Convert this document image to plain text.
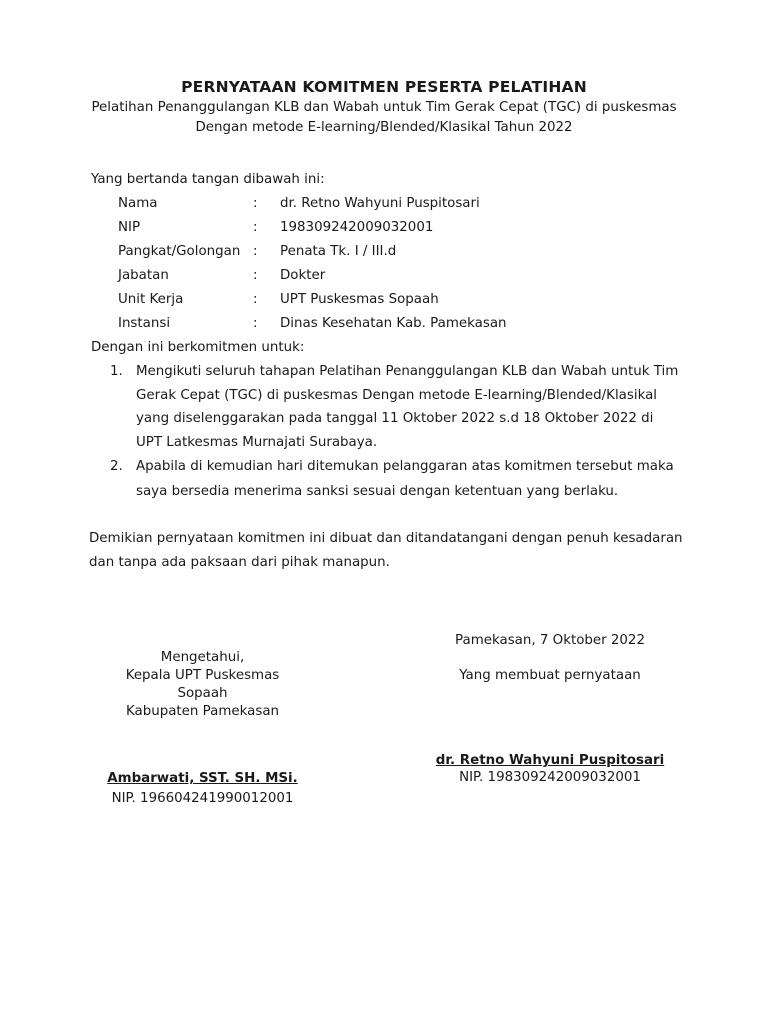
PERNYATAAN KOMITMEN PESERTA PELATIHAN
Pelatihan Penanggulangan KLB dan Wabah untuk Tim Gerak Cepat (TGC) di puskesmas
Dengan metode E-learning/Blended/Klasikal Tahun 2022
Yang bertanda tangan dibawah ini:
Nama	: dr. Retno Wahyuni Puspitosari
NIP	: 198309242009032001
Pangkat/Golongan : Penata Tk. I / III.d
Jabatan	: Dokter
Unit Kerja	: UPT Puskesmas Sopaah
Instansi	: Dinas Kesehatan Kab. Pamekasan
Dengan ini berkomitmen untuk:
1. Mengikuti seluruh tahapan Pelatihan Penanggulangan KLB dan Wabah untuk Tim
Gerak Cepat (TGC) di puskesmas Dengan metode E-learning/Blended/Klasikal
yang diselenggarakan pada tanggal 11 Oktober 2022 s.d 18 Oktober 2022 di
UPT Latkesmas Murnajati Surabaya.
2. Apabila di kemudian hari ditemukan pelanggaran atas komitmen tersebut maka
saya bersedia menerima sanksi sesuai dengan ketentuan yang berlaku.
Demikian pernyataan komitmen ini dibuat dan ditandatangani dengan penuh kesadaran
dan tanpa ada paksaan dari pihak manapun.
Pamekasan, 7 Oktober 2022
Yang membuat pernyataan
dr. Retno Wahyuni Puspitosari
NIP. 198309242009032001
Mengetahui,
Kepala UPT Puskesmas
Sopaah
Kabupaten Pamekasan
Ambarwati, SST. SH. MSi.
NIP. 196604241990012001
